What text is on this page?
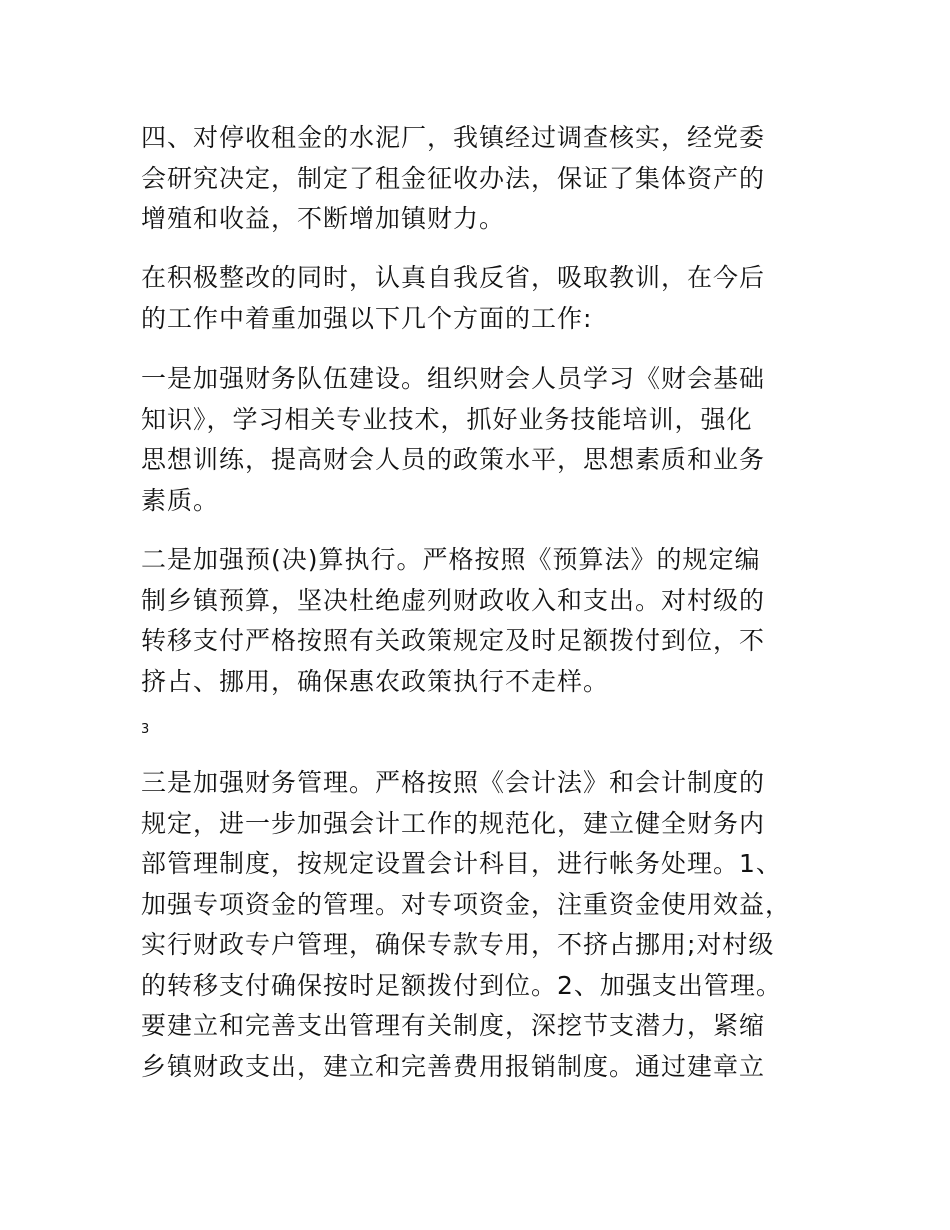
四、对停收租金的水泥厂，我镇经过调查核实，经党委
会研究决定，制定了租金征收办法，保证了集体资产的
增殖和收益，不断增加镇财力。

在积极整改的同时，认真自我反省，吸取教训，在今后
的工作中着重加强以下几个方面的工作:

一是加强财务队伍建设。组织财会人员学习《财会基础
知识》，学习相关专业技术，抓好业务技能培训，强化
思想训练，提高财会人员的政策水平，思想素质和业务
素质。

二是加强预(决)算执行。严格按照《预算法》的规定编
制乡镇预算，坚决杜绝虚列财政收入和支出。对村级的
转移支付严格按照有关政策规定及时足额拨付到位，不
挤占、挪用，确保惠农政策执行不走样。

3

三是加强财务管理。严格按照《会计法》和会计制度的
规定，进一步加强会计工作的规范化，建立健全财务内
部管理制度，按规定设置会计科目，进行帐务处理。1、
加强专项资金的管理。对专项资金，注重资金使用效益，
实行财政专户管理，确保专款专用，不挤占挪用;对村级
的转移支付确保按时足额拨付到位。2、加强支出管理。
要建立和完善支出管理有关制度，深挖节支潜力，紧缩
乡镇财政支出，建立和完善费用报销制度。通过建章立
